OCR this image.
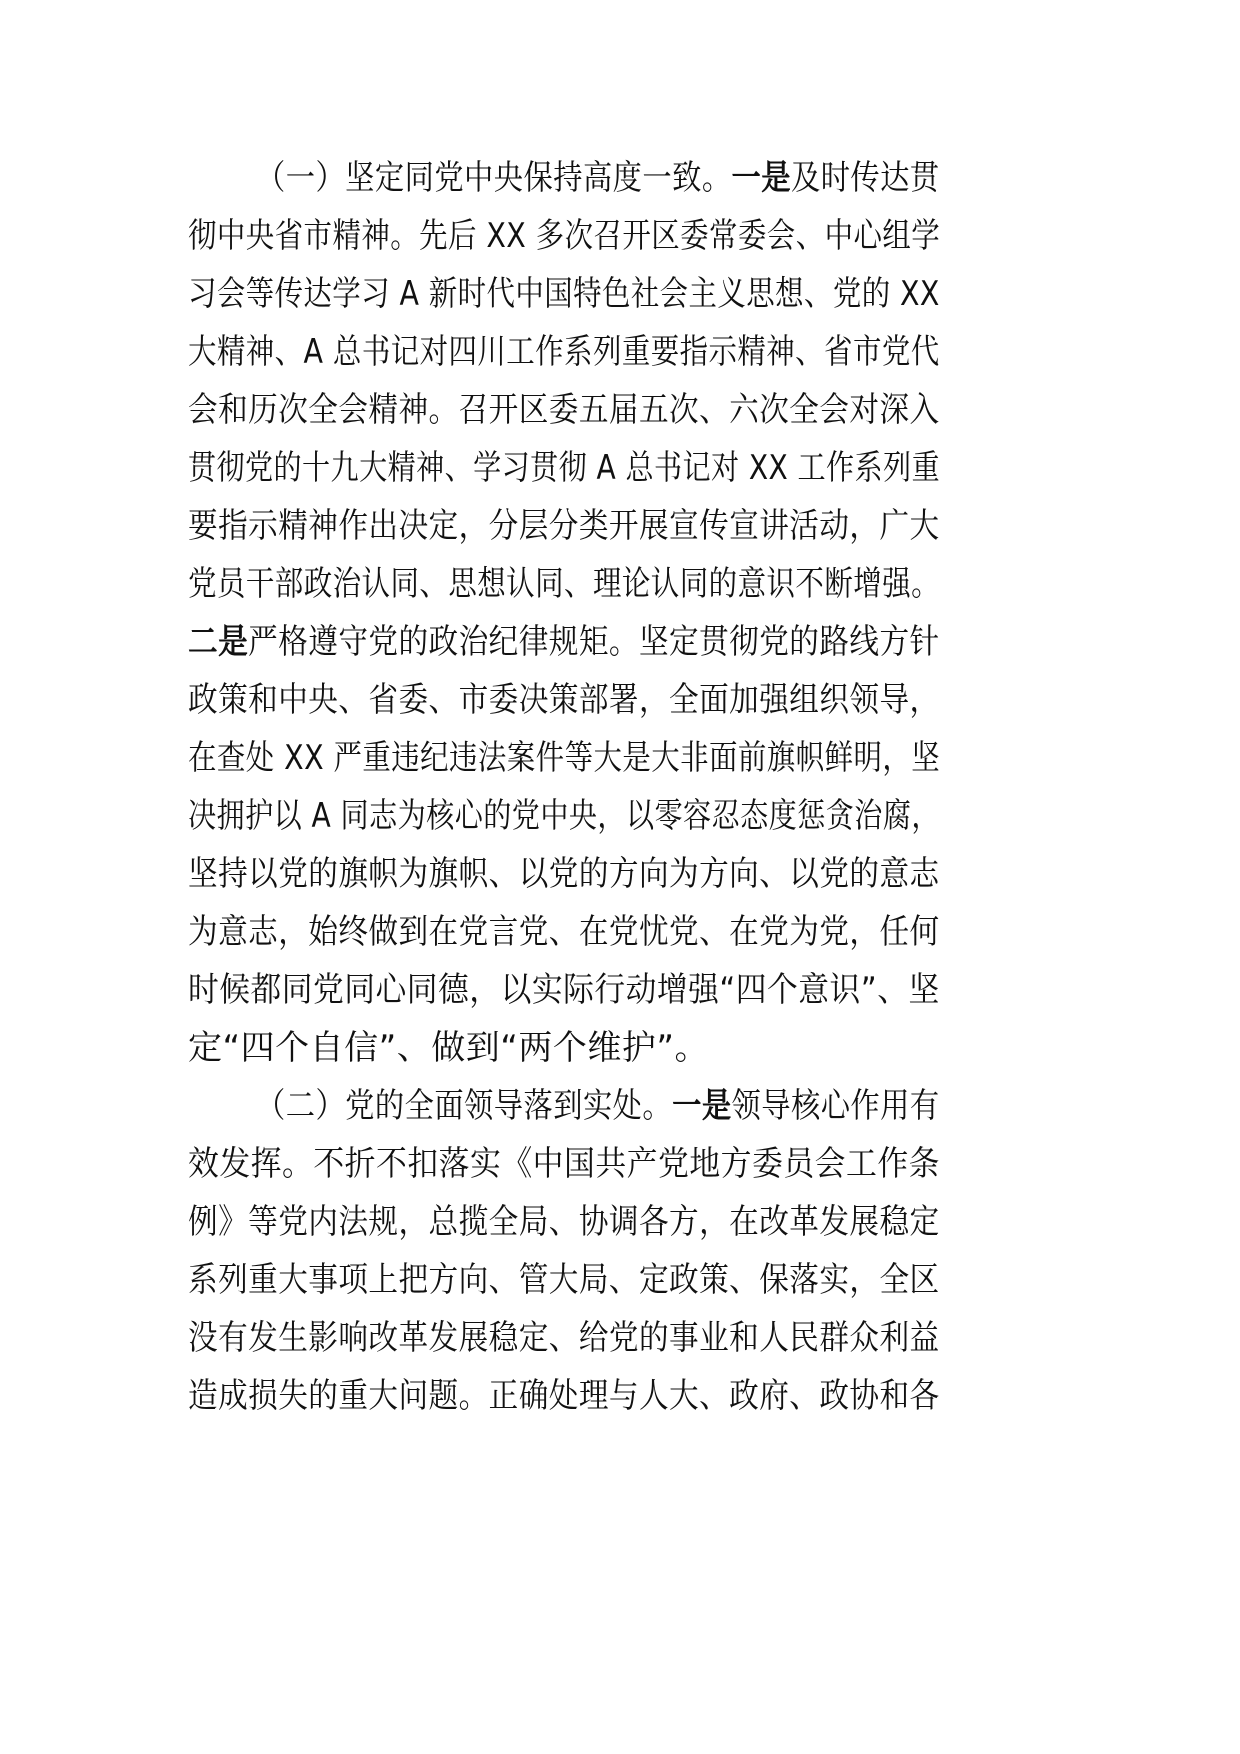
（一）坚定同党中央保持高度一致。一是及时传达贯
彻中央省市精神。先后 XX 多次召开区委常委会、中心组学
习会等传达学习 A 新时代中国特色社会主义思想、党的 XX
大精神、A 总书记对四川工作系列重要指示精神、省市党代
会和历次全会精神。召开区委五届五次、六次全会对深入
贯彻党的十九大精神、学习贯彻 A 总书记对 XX 工作系列重
要指示精神作出决定，分层分类开展宣传宣讲活动，广大
党员干部政治认同、思想认同、理论认同的意识不断增强。
二是严格遵守党的政治纪律规矩。坚定贯彻党的路线方针
政策和中央、省委、市委决策部署，全面加强组织领导，
在查处 XX 严重违纪违法案件等大是大非面前旗帜鲜明，坚
决拥护以 A 同志为核心的党中央，以零容忍态度惩贪治腐，
坚持以党的旗帜为旗帜、以党的方向为方向、以党的意志
为意志，始终做到在党言党、在党忧党、在党为党，任何
时候都同党同心同德，以实际行动增强“四个意识”、坚
定“四个自信”、做到“两个维护”。
（二）党的全面领导落到实处。一是领导核心作用有
效发挥。不折不扣落实《中国共产党地方委员会工作条
例》等党内法规，总揽全局、协调各方，在改革发展稳定
系列重大事项上把方向、管大局、定政策、保落实，全区
没有发生影响改革发展稳定、给党的事业和人民群众利益
造成损失的重大问题。正确处理与人大、政府、政协和各
